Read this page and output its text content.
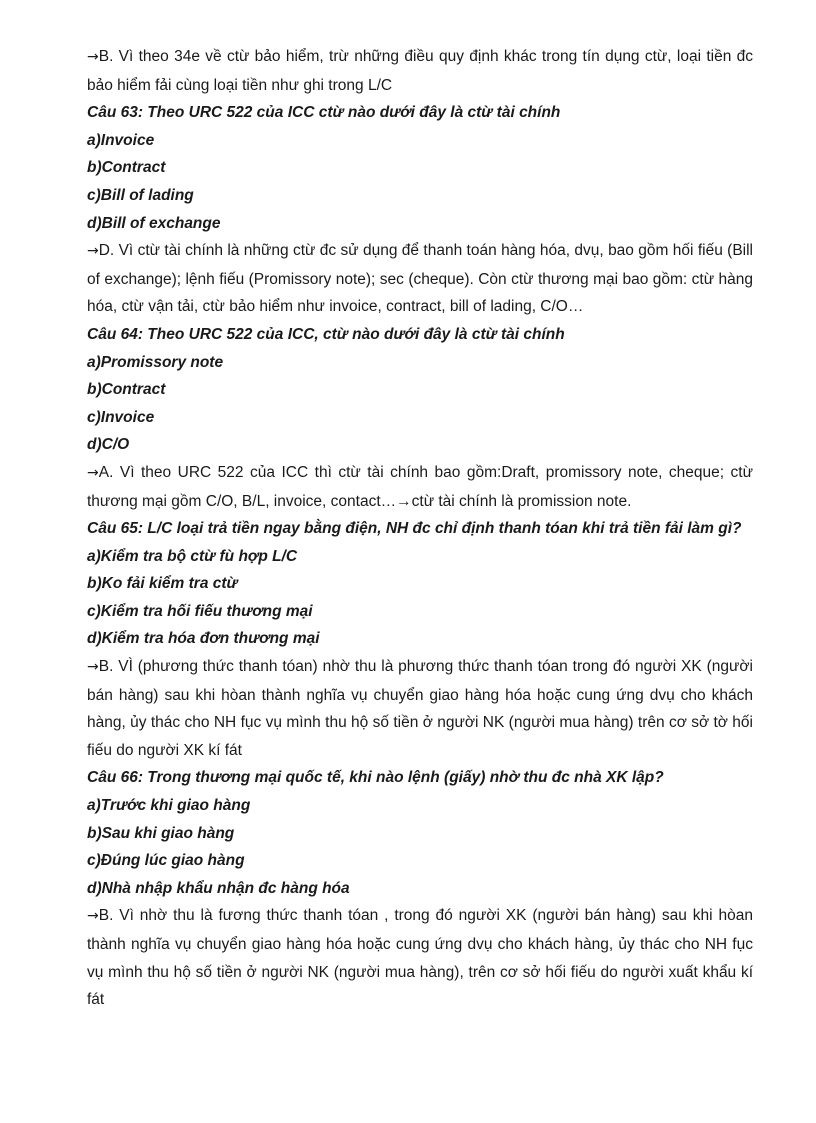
→B. Vì theo 34e về ctừ bảo hiểm, trừ những điều quy định khác trong tín dụng ctừ, loại tiền đc bảo hiểm fải cùng loại tiền như ghi trong L/C

Câu 63: Theo URC 522 của ICC ctừ nào dưới đây là ctừ tài chính

a)Invoice

b)Contract

c)Bill of lading

d)Bill of exchange

→D. Vì ctừ tài chính là những ctừ đc sử dụng để thanh toán hàng hóa, dvụ, bao gồm hối fiếu (Bill of exchange); lệnh fiếu (Promissory note); sec (cheque). Còn ctừ thương mại bao gồm: ctừ hàng hóa, ctừ vận tải, ctừ bảo hiểm như invoice, contract, bill of lading, C/O…

Câu 64: Theo URC 522 của ICC, ctừ nào dưới đây là ctừ tài chính

a)Promissory note

b)Contract

c)Invoice

d)C/O

→A. Vì theo URC 522 của ICC thì ctừ tài chính bao gồm:Draft, promissory note, cheque; ctừ thương mại gồm C/O, B/L, invoice, contact…→ctừ tài chính là promission note.

Câu 65: L/C loại trả tiền ngay bằng điện, NH đc chỉ định thanh tóan khi trả tiền fải làm gì?

a)Kiểm tra bộ ctừ fù hợp L/C

b)Ko fải kiểm tra ctừ

c)Kiểm tra hối fiếu thương mại

d)Kiểm tra hóa đơn thương mại

→B. VÌ (phương thức thanh tóan) nhờ thu là phương thức thanh tóan trong đó người XK (người bán hàng) sau khi hòan thành nghĩa vụ chuyển giao hàng hóa hoặc cung ứng dvụ cho khách hàng, ủy thác cho NH fục vụ mình thu hộ số tiền ở người NK (người mua hàng) trên cơ sở tờ hối fiếu do người XK kí fát

Câu 66: Trong thương mại quốc tế, khi nào lệnh (giấy) nhờ thu đc nhà XK lập?

a)Trước khi giao hàng

b)Sau khi giao hàng

c)Đúng lúc giao hàng

d)Nhà nhập khẩu nhận đc hàng hóa

→B. Vì nhờ thu là fương thức thanh tóan , trong đó người XK (người bán hàng) sau khi hòan thành nghĩa vụ chuyển giao hàng hóa hoặc cung ứng dvụ cho khách hàng, ủy thác cho NH fục vụ mình thu hộ số tiền ở người NK (người mua hàng), trên cơ sở hối fiếu do người xuất khẩu kí fát
